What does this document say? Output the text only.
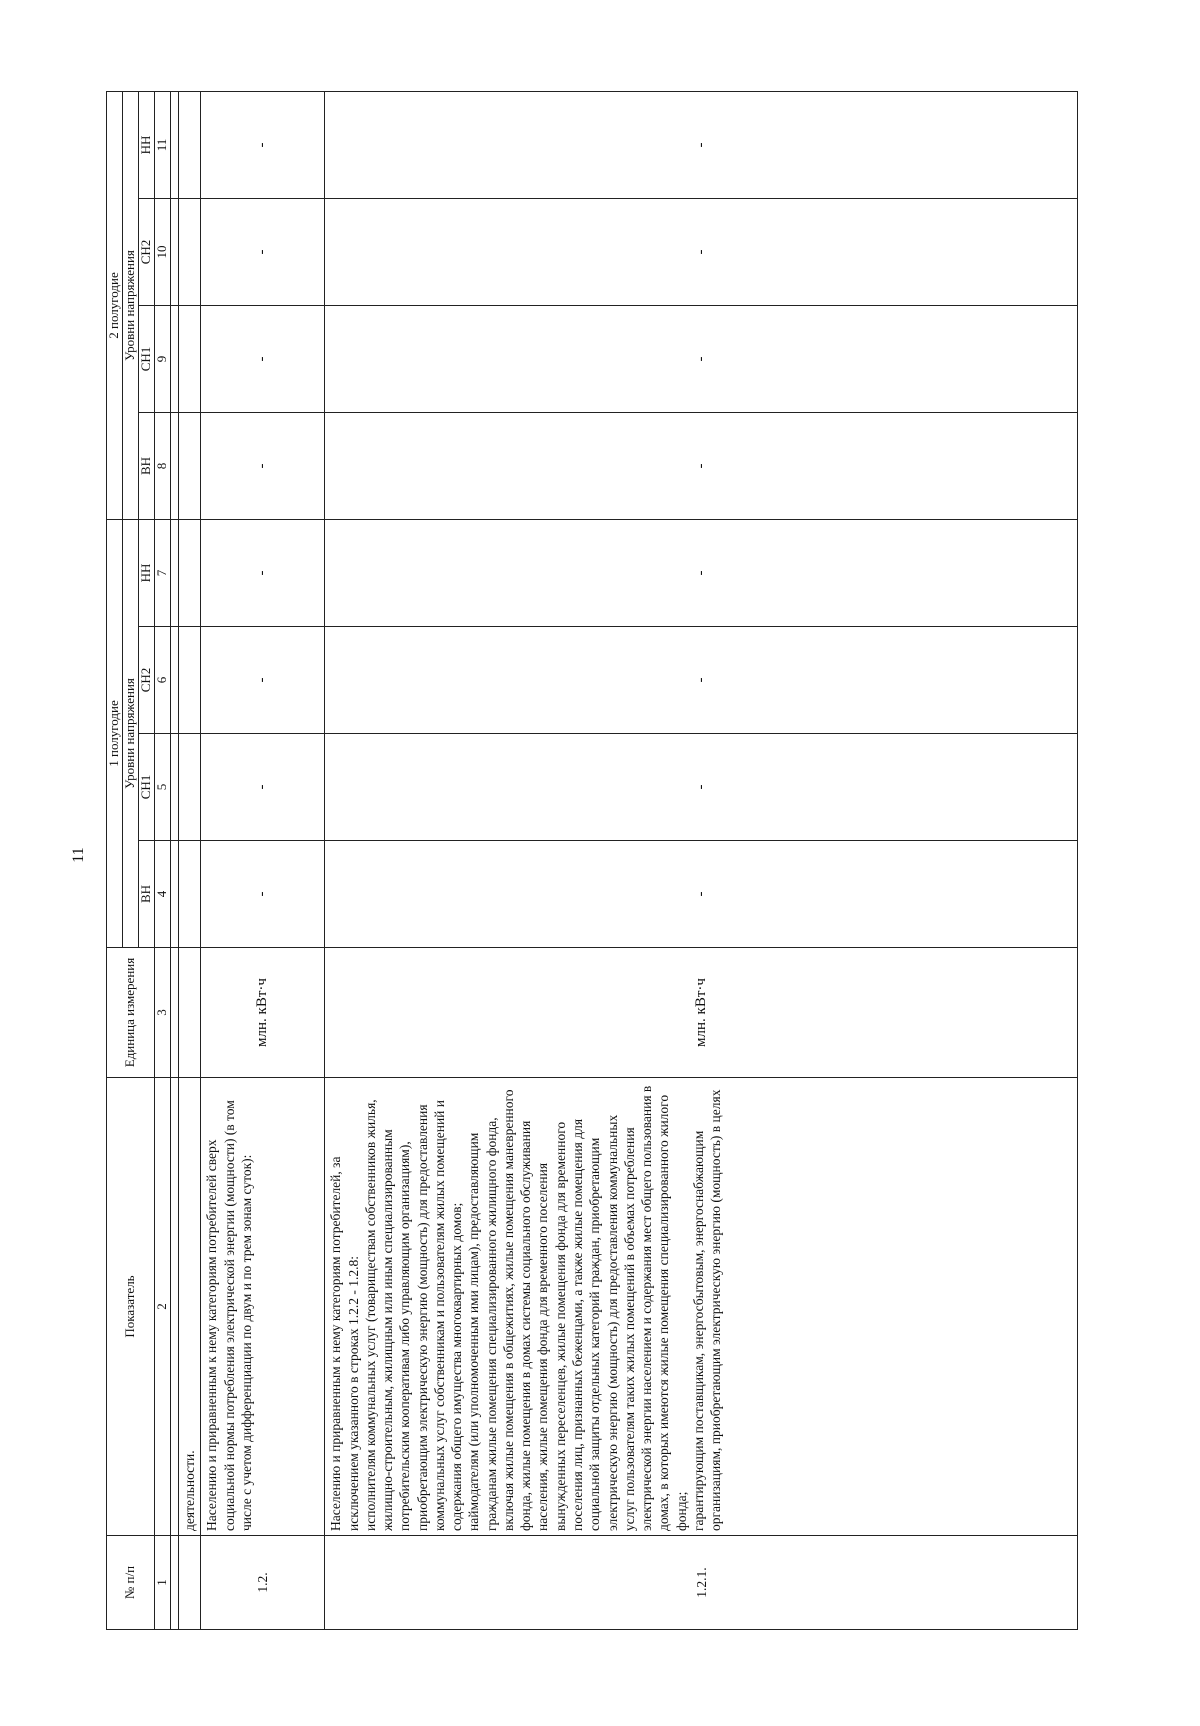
11
№ п/п	Показатель	Единица измерения	1 полугодие				2 полугодие			
			Уровни напряжения				Уровни напряжения			
			ВН	СН1	СН2	НН	ВН	СН1	СН2	НН
1	2	3	4	5	6	7	8	9	10	11

	деятельности.									
1.2.	Населению и приравненным к нему категориям потребителей сверх социальной нормы потребления электрической энергии (мощности) (в том числе с учетом дифференциации по двум и по трем зонам суток):	млн. кВт·ч	-	-	-	-	-	-	-	-
1.2.1.	Населению и приравненным к нему категориям потребителей, за исключением указанного в строках 1.2.2 - 1.2.8: исполнителям коммунальных услуг (товариществам собственников жилья, жилищно-строительным, жилищным или иным специализированным потребительским кооперативам либо управляющим организациям), приобретающим электрическую энергию (мощность) для предоставления коммунальных услуг собственникам и пользователям жилых помещений и содержания общего имущества многоквартирных домов; наймодателям (или уполномоченным ими лицам), предоставляющим гражданам жилые помещения специализированного жилищного фонда, включая жилые помещения в общежитиях, жилые помещения маневренного фонда, жилые помещения в домах системы социального обслуживания населения, жилые помещения фонда для временного поселения вынужденных переселенцев, жилые помещения фонда для временного поселения лиц, признанных беженцами, а также жилые помещения для социальной защиты отдельных категорий граждан, приобретающим электрическую энергию (мощность) для предоставления коммунальных услуг пользователям таких жилых помещений в объемах потребления электрической энергии населением и содержания мест общего пользования в домах, в которых имеются жилые помещения специализированного жилого фонда; гарантирующим поставщикам, энергосбытовым, энергоснабжающим организациям, приобретающим электрическую энергию (мощность) в целях	млн. кВт·ч	-	-	-	-	-	-	-	-
